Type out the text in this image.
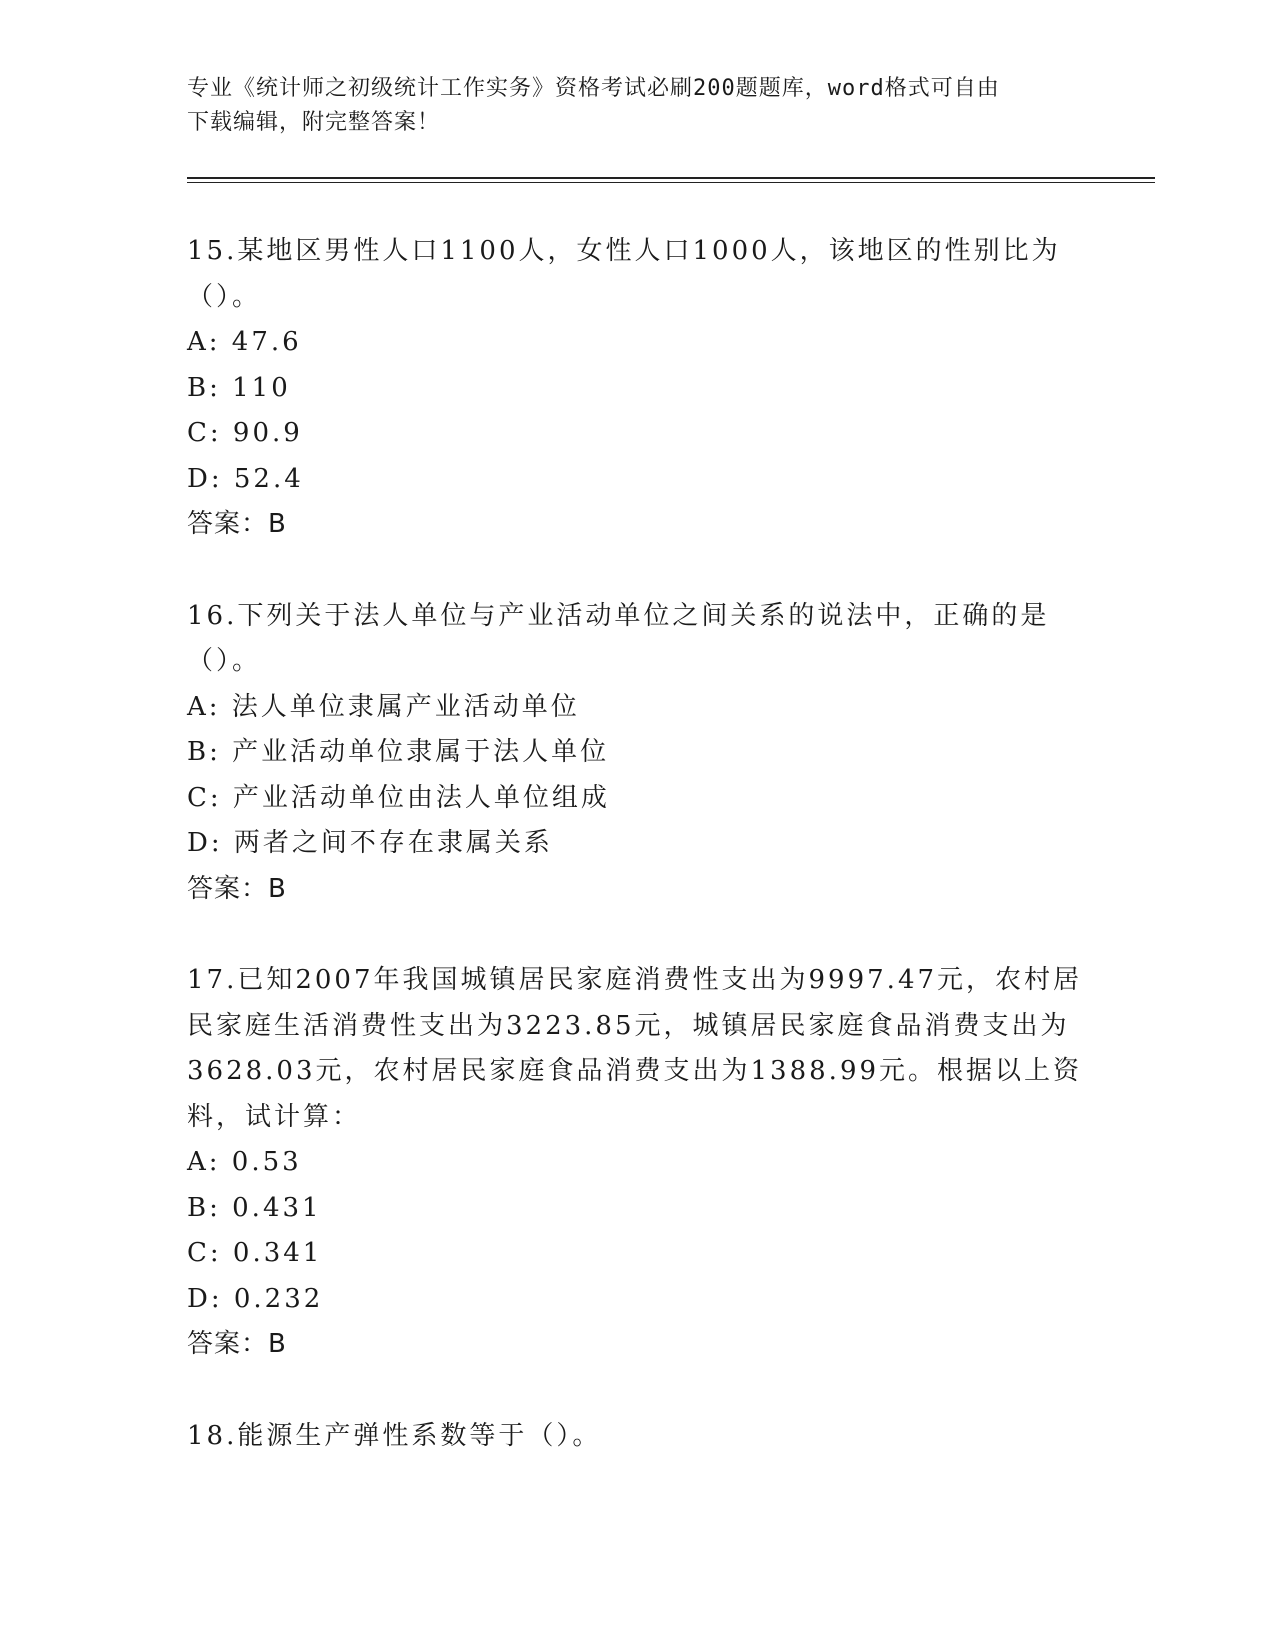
专业《统计师之初级统计工作实务》资格考试必刷200题题库，word格式可自由
下载编辑，附完整答案！

15.某地区男性人口1100人，女性人口1000人，该地区的性别比为（）。

A: 47.6

B: 110

C: 90.9

D: 52.4

答案：B

16.下列关于法人单位与产业活动单位之间关系的说法中，正确的是（）。

A: 法人单位隶属产业活动单位

B: 产业活动单位隶属于法人单位

C: 产业活动单位由法人单位组成

D: 两者之间不存在隶属关系

答案：B

17.已知2007年我国城镇居民家庭消费性支出为9997.47元，农村居民家庭生活消费性支出为3223.85元，城镇居民家庭食品消费支出为3628.03元，农村居民家庭食品消费支出为1388.99元。根据以上资料，试计算：

A: 0.53

B: 0.431

C: 0.341

D: 0.232

答案：B

18.能源生产弹性系数等于（）。
